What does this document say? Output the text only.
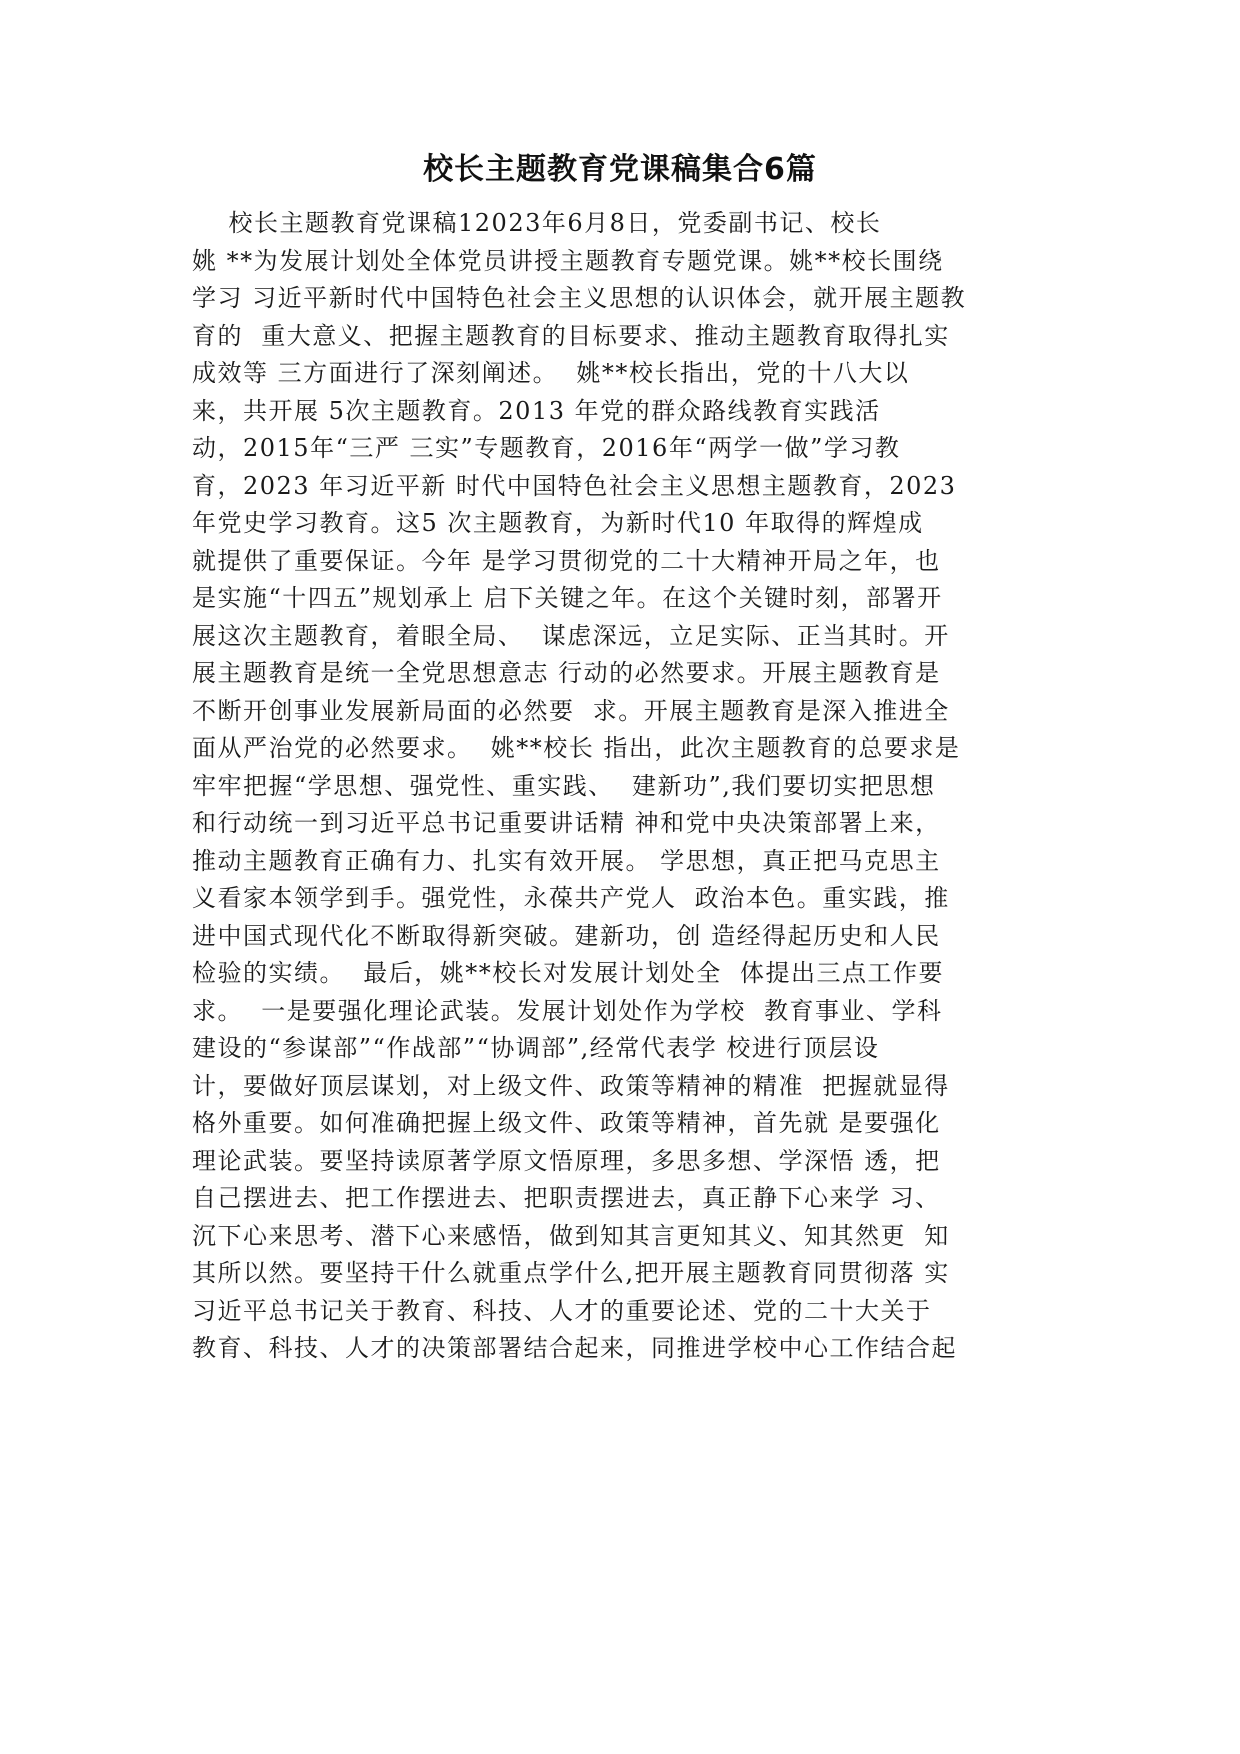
校长主题教育党课稿集合6篇
校长主题教育党课稿12023年6月8日，党委副书记、校长
姚 **为发展计划处全体党员讲授主题教育专题党课。姚**校长围绕
学习 习近平新时代中国特色社会主义思想的认识体会，就开展主题教
育的  重大意义、把握主题教育的目标要求、推动主题教育取得扎实
成效等 三方面进行了深刻阐述。  姚**校长指出，党的十八大以
来，共开展 5次主题教育。2013 年党的群众路线教育实践活
动，2015年“三严 三实”专题教育，2016年“两学一做”学习教
育，2023 年习近平新 时代中国特色社会主义思想主题教育，2023
年党史学习教育。这5 次主题教育，为新时代10 年取得的辉煌成
就提供了重要保证。今年 是学习贯彻党的二十大精神开局之年，也
是实施“十四五”规划承上 启下关键之年。在这个关键时刻，部署开
展这次主题教育，着眼全局、  谋虑深远，立足实际、正当其时。开
展主题教育是统一全党思想意志 行动的必然要求。开展主题教育是
不断开创事业发展新局面的必然要  求。开展主题教育是深入推进全
面从严治党的必然要求。  姚**校长 指出，此次主题教育的总要求是
牢牢把握“学思想、强党性、重实践、  建新功”,我们要切实把思想
和行动统一到习近平总书记重要讲话精 神和党中央决策部署上来，
推动主题教育正确有力、扎实有效开展。 学思想，真正把马克思主
义看家本领学到手。强党性，永葆共产党人  政治本色。重实践，推
进中国式现代化不断取得新突破。建新功，创 造经得起历史和人民
检验的实绩。  最后，姚**校长对发展计划处全  体提出三点工作要
求。  一是要强化理论武装。发展计划处作为学校  教育事业、学科
建设的“参谋部”“作战部”“协调部”,经常代表学 校进行顶层设
计，要做好顶层谋划，对上级文件、政策等精神的精准  把握就显得
格外重要。如何准确把握上级文件、政策等精神，首先就 是要强化
理论武装。要坚持读原著学原文悟原理，多思多想、学深悟 透，把
自己摆进去、把工作摆进去、把职责摆进去，真正静下心来学 习、
沉下心来思考、潜下心来感悟，做到知其言更知其义、知其然更  知
其所以然。要坚持干什么就重点学什么,把开展主题教育同贯彻落 实
习近平总书记关于教育、科技、人才的重要论述、党的二十大关于
教育、科技、人才的决策部署结合起来，同推进学校中心工作结合起
